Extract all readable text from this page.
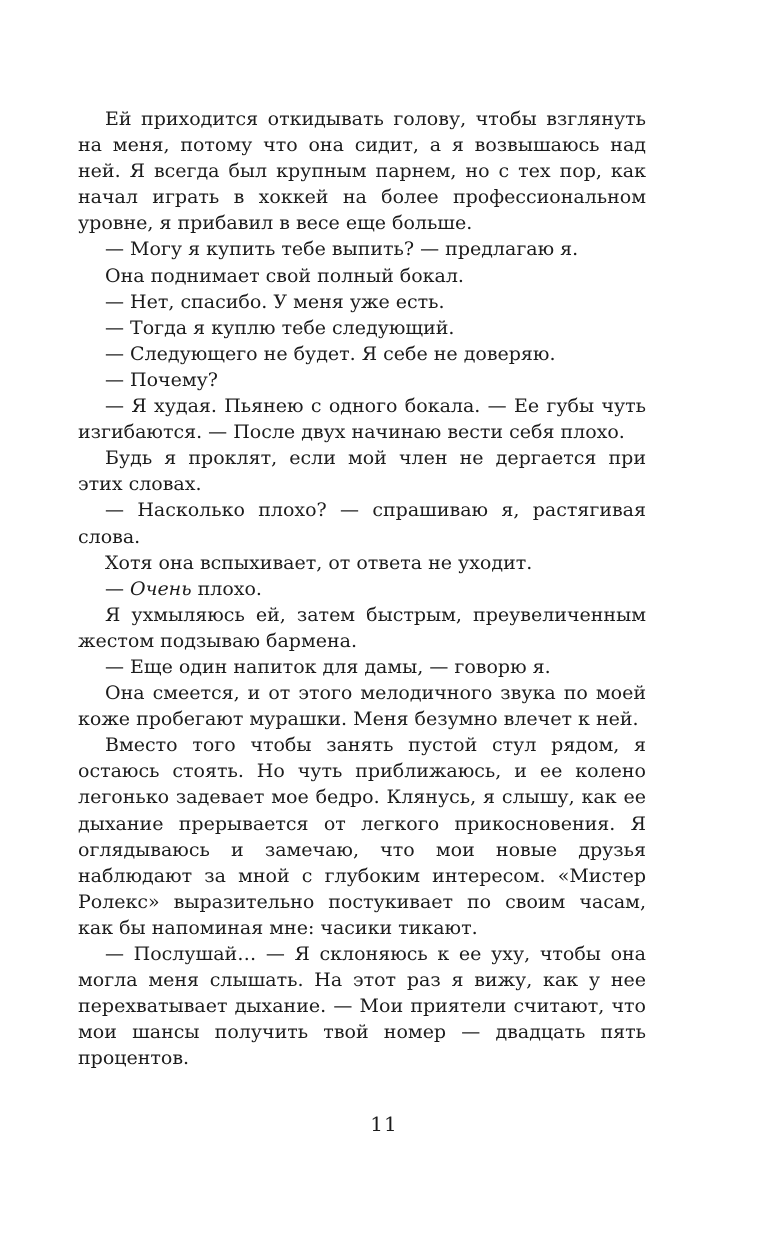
Ей приходится откидывать голову, чтобы взглянуть на меня, потому что она сидит, а я возвышаюсь над ней. Я всегда был крупным парнем, но с тех пор, как начал играть в хоккей на более профессиональном уровне, я прибавил в весе еще больше.

— Могу я купить тебе выпить? — предлагаю я.

Она поднимает свой полный бокал.

— Нет, спасибо. У меня уже есть.

— Тогда я куплю тебе следующий.

— Следующего не будет. Я себе не доверяю.

— Почему?

— Я худая. Пьянею с одного бокала. — Ее губы чуть изгибаются. — После двух начинаю вести себя плохо.

Будь я проклят, если мой член не дергается при этих словах.

— Насколько плохо? — спрашиваю я, растягивая слова.

Хотя она вспыхивает, от ответа не уходит.

— Очень плохо.

Я ухмыляюсь ей, затем быстрым, преувеличенным жестом подзываю бармена.

— Еще один напиток для дамы, — говорю я.

Она смеется, и от этого мелодичного звука по моей коже пробегают мурашки. Меня безумно влечет к ней.

Вместо того чтобы занять пустой стул рядом, я остаюсь стоять. Но чуть приближаюсь, и ее колено легонько задевает мое бедро. Клянусь, я слышу, как ее дыхание прерывается от легкого прикосновения. Я оглядываюсь и замечаю, что мои новые друзья наблюдают за мной с глубоким интересом. «Мистер Ролекс» выразительно постукивает по своим часам, как бы напоминая мне: часики тикают.

— Послушай… — Я склоняюсь к ее уху, чтобы она могла меня слышать. На этот раз я вижу, как у нее перехватывает дыхание. — Мои приятели считают, что мои шансы получить твой номер — двадцать пять процентов.

11
